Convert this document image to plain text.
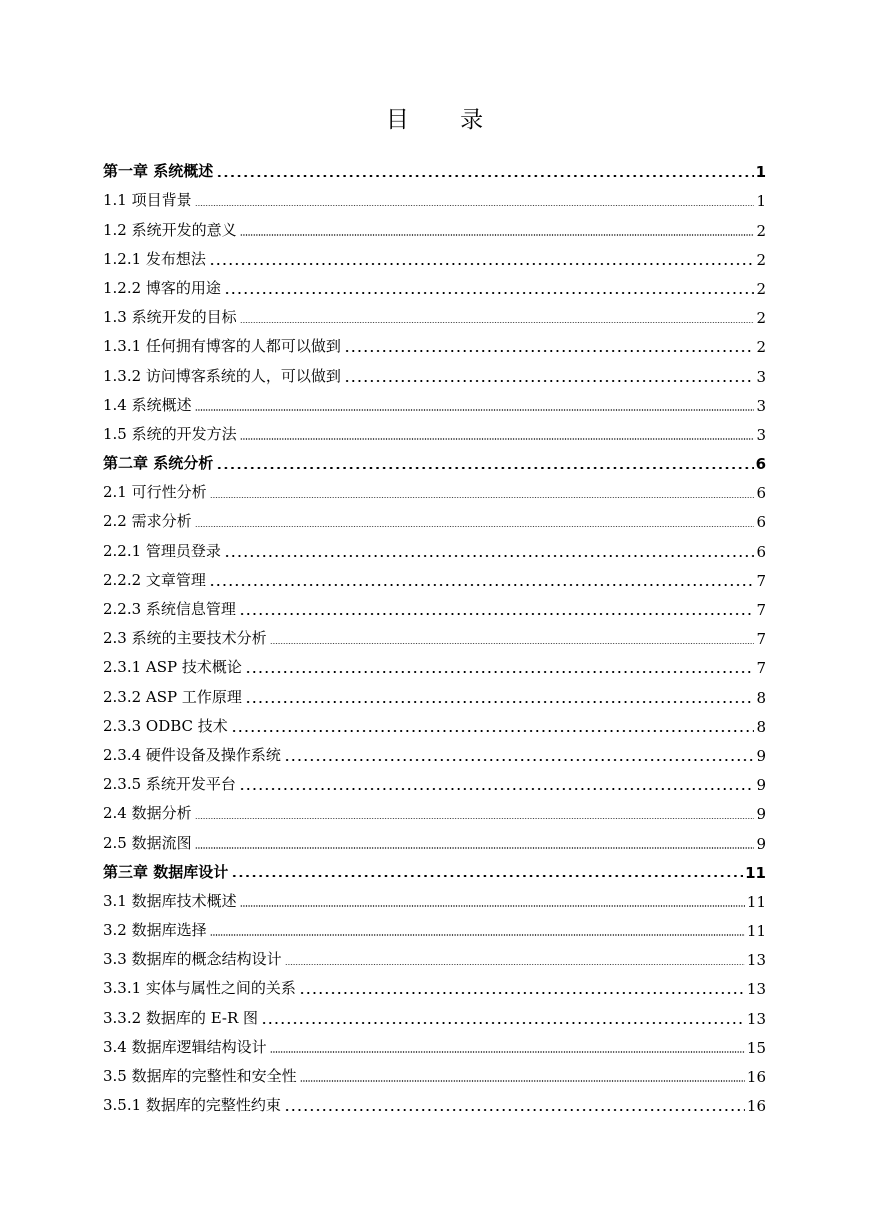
目 录
第一章 系统概述	1
1.1 项目背景	1
1.2 系统开发的意义	2
1.2.1 发布想法	2
1.2.2 博客的用途	2
1.3 系统开发的目标	2
1.3.1 任何拥有博客的人都可以做到	2
1.3.2 访问博客系统的人，可以做到	3
1.4 系统概述	3
1.5 系统的开发方法	3
第二章 系统分析	6
2.1 可行性分析	6
2.2 需求分析	6
2.2.1 管理员登录	6
2.2.2 文章管理	7
2.2.3 系统信息管理	7
2.3 系统的主要技术分析	7
2.3.1 ASP 技术概论	7
2.3.2 ASP 工作原理	8
2.3.3 ODBC 技术	8
2.3.4 硬件设备及操作系统	9
2.3.5 系统开发平台	9
2.4 数据分析	9
2.5 数据流图	9
第三章 数据库设计	11
3.1 数据库技术概述	11
3.2 数据库选择	11
3.3 数据库的概念结构设计	13
3.3.1 实体与属性之间的关系	13
3.3.2 数据库的 E-R 图	13
3.4 数据库逻辑结构设计	15
3.5 数据库的完整性和安全性	16
3.5.1 数据库的完整性约束	16
